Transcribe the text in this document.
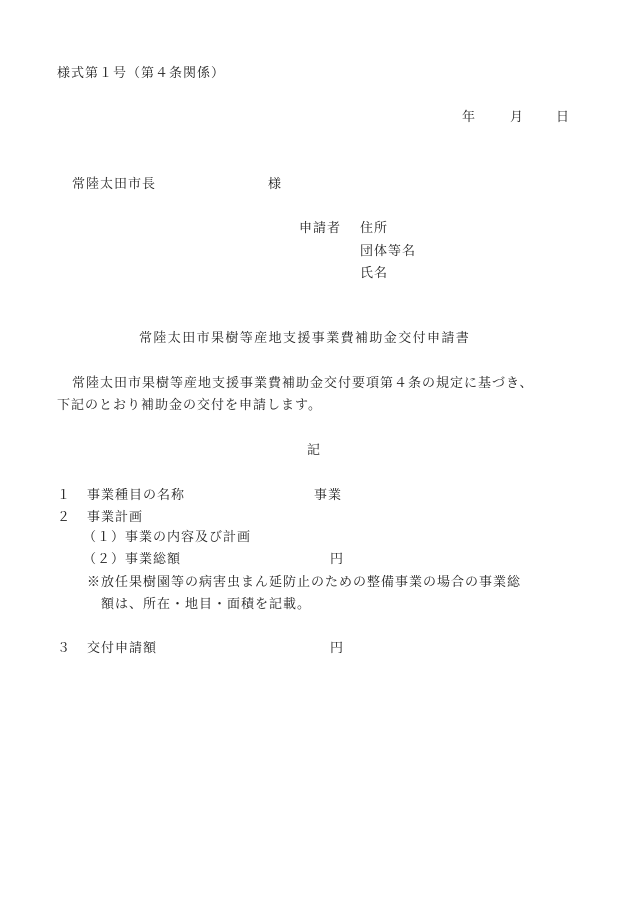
様式第１号（第４条関係）
年	月 日
常陸太田市長	様
申請者 住所
団体等名
氏名
常陸太田市果樹等産地支援事業費補助金交付申請書
常陸太田市果樹等産地支援事業費補助金交付要項第４条の規定に基づき、
下記のとおり補助金の交付を申請します。
記
１ 事業種目の名称	事業
２ 事業計画
（１）事業の内容及び計画
（２）事業総額	円
※放任果樹園等の病害虫まん延防止のための整備事業の場合の事業総
額は、所在・地目・面積を記載。
３ 交付申請額	円
